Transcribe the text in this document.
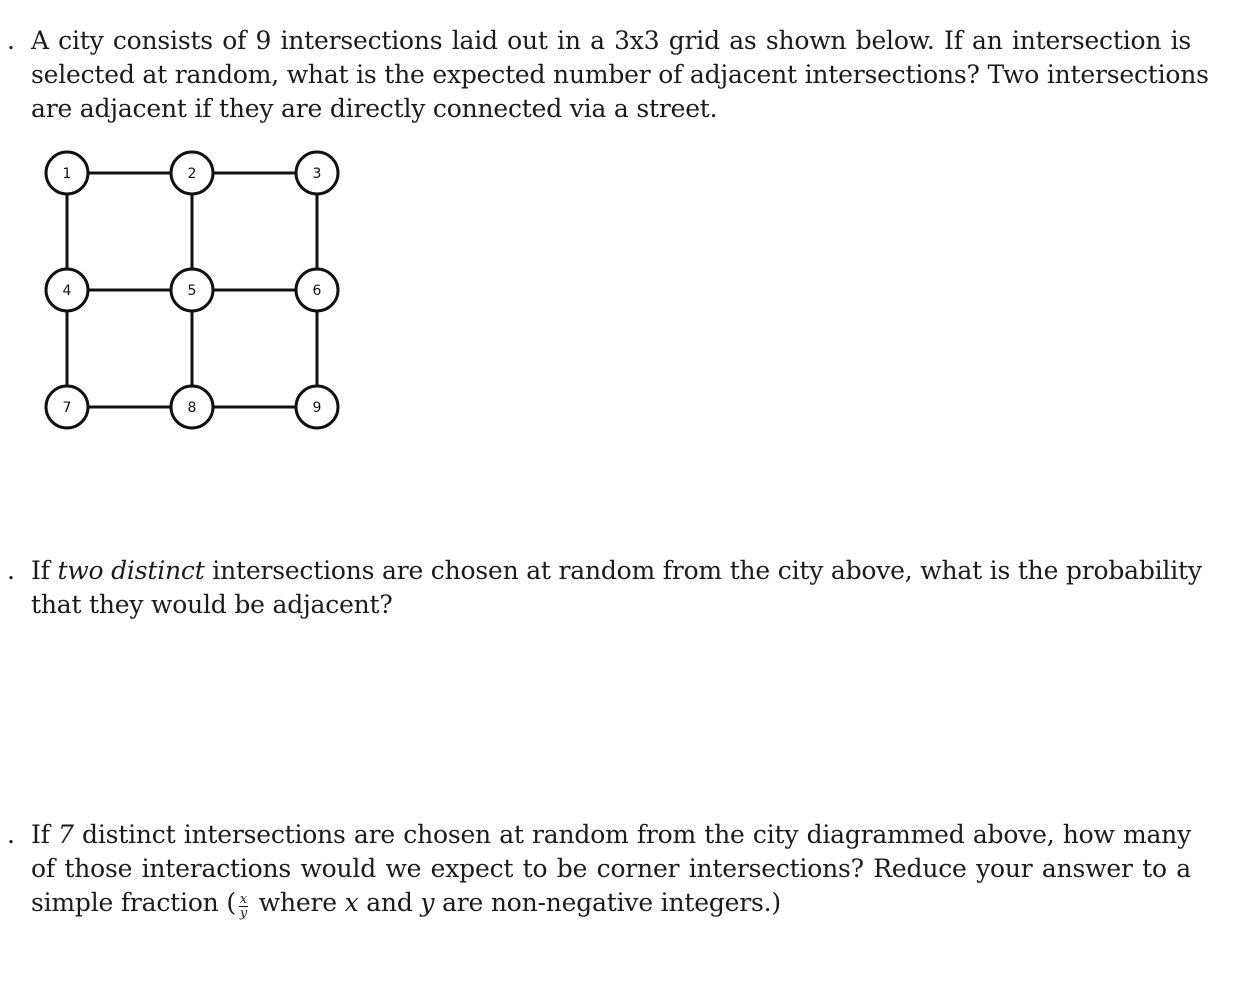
. A city consists of 9 intersections laid out in a 3x3 grid as shown below. If an intersection is
selected at random, what is the expected number of adjacent intersections? Two intersections
are adjacent if they are directly connected via a street.
1	2	3
4	5	6
7	8	9
. If two distinct intersections are chosen at random from the city above, what is the probability
that they would be adjacent?
. If 7 distinct intersections are chosen at random from the city diagrammed above, how many
of those interactions would we expect to be corner intersections? Reduce your answer to a
simple fraction ( $\frac{x}{y}$ where x and y are non-negative integers.)
